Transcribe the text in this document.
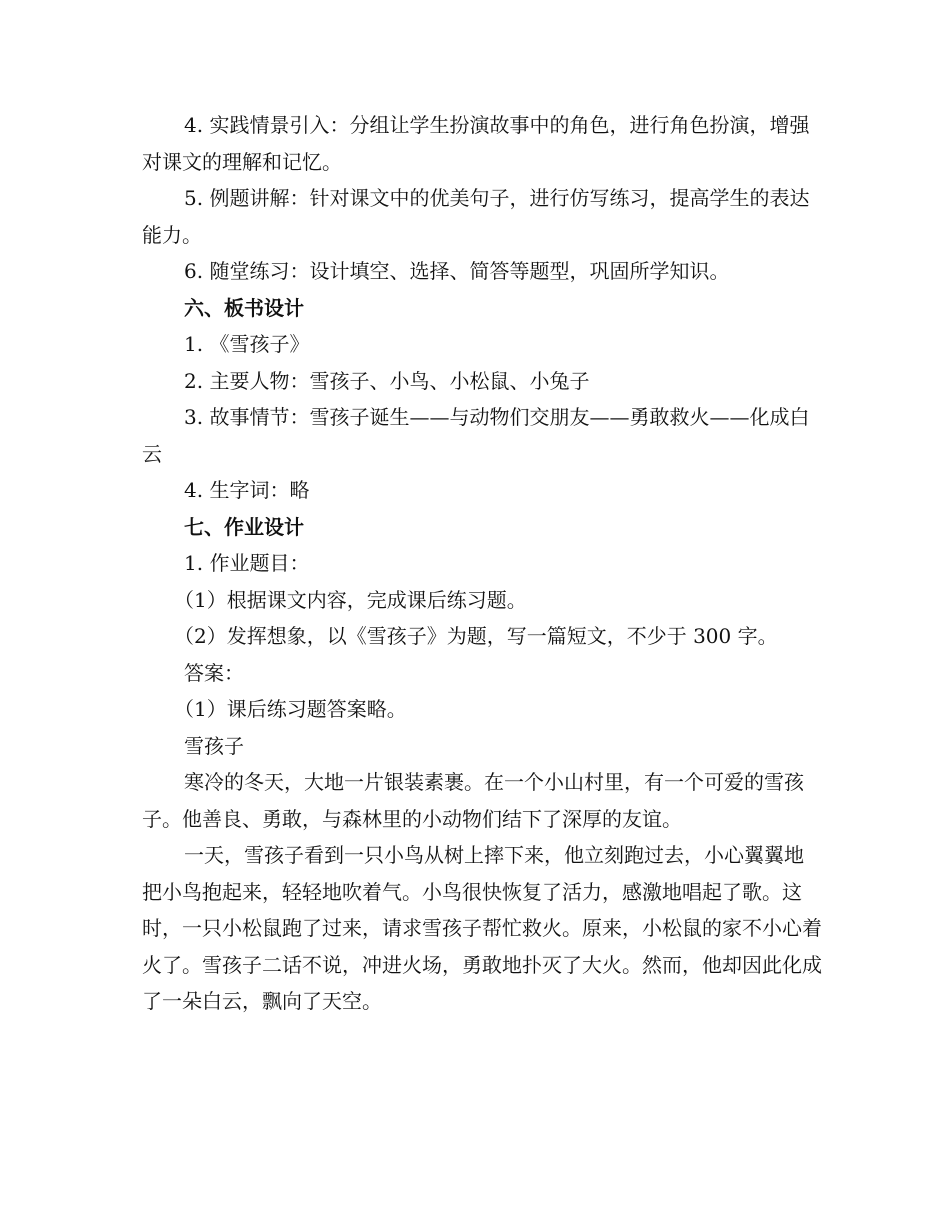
4. 实践情景引入：分组让学生扮演故事中的角色，进行角色扮演，增强对课文的理解和记忆。

5. 例题讲解：针对课文中的优美句子，进行仿写练习，提高学生的表达能力。

6. 随堂练习：设计填空、选择、简答等题型，巩固所学知识。

六、板书设计

1. 《雪孩子》

2. 主要人物：雪孩子、小鸟、小松鼠、小兔子

3. 故事情节：雪孩子诞生——与动物们交朋友——勇敢救火——化成白云

4. 生字词：略

七、作业设计

1. 作业题目：

（1）根据课文内容，完成课后练习题。

（2）发挥想象，以《雪孩子》为题，写一篇短文，不少于 300 字。

答案：

（1）课后练习题答案略。

雪孩子

寒冷的冬天，大地一片银装素裹。在一个小山村里，有一个可爱的雪孩子。他善良、勇敢，与森林里的小动物们结下了深厚的友谊。

一天，雪孩子看到一只小鸟从树上摔下来，他立刻跑过去，小心翼翼地把小鸟抱起来，轻轻地吹着气。小鸟很快恢复了活力，感激地唱起了歌。这时，一只小松鼠跑了过来，请求雪孩子帮忙救火。原来，小松鼠的家不小心着火了。雪孩子二话不说，冲进火场，勇敢地扑灭了大火。然而，他却因此化成了一朵白云，飘向了天空。
